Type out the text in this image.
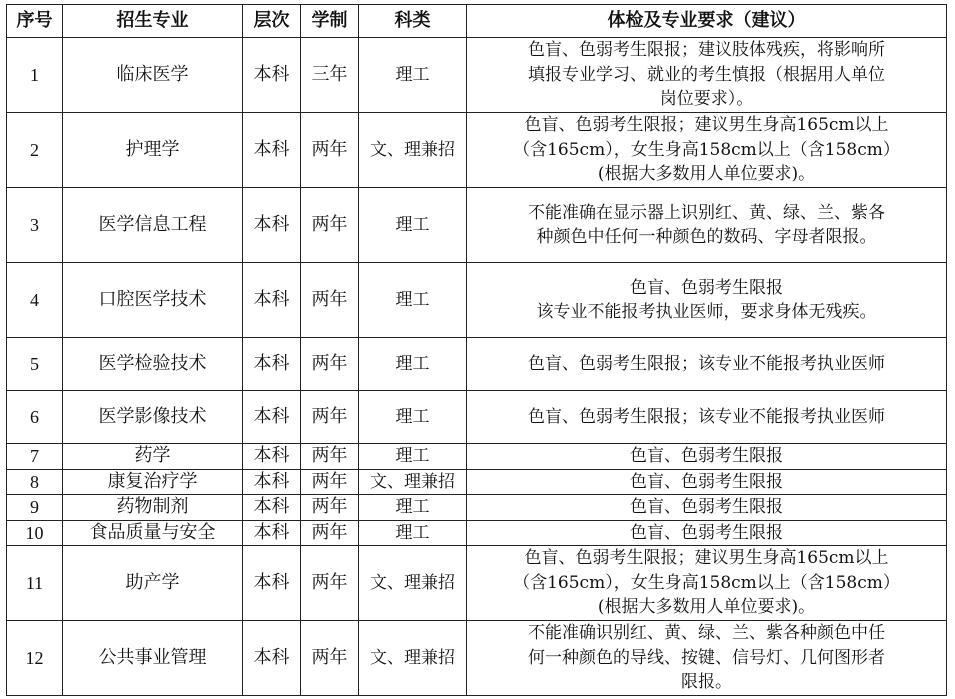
序号	招生专业	层次	学制	科类	体检及专业要求（建议）
1	临床医学	本科	三年	理工	色盲、色弱考生限报；建议肢体残疾，将影响所
填报专业学习、就业的考生慎报（根据用人单位
岗位要求）。

2	护理学	本科	两年	文、理兼招	色盲、色弱考生限报；建议男生身高165cm以上
（含165cm），女生身高158cm以上（含158cm）
(根据大多数用人单位要求)。

3	医学信息工程	本科	两年	理工	不能准确在显示器上识别红、黄、绿、兰、紫各
种颜色中任何一种颜色的数码、字母者限报。

4	口腔医学技术	本科	两年	理工	色盲、色弱考生限报
该专业不能报考执业医师，要求身体无残疾。

5	医学检验技术	本科	两年	理工	色盲、色弱考生限报；该专业不能报考执业医师

6	医学影像技术	本科	两年	理工	色盲、色弱考生限报；该专业不能报考执业医师

7	药学	本科	两年	理工	色盲、色弱考生限报

8	康复治疗学	本科	两年	文、理兼招	色盲、色弱考生限报

9	药物制剂	本科	两年	理工	色盲、色弱考生限报

10	食品质量与安全	本科	两年	理工	色盲、色弱考生限报

11	助产学	本科	两年	文、理兼招	色盲、色弱考生限报；建议男生身高165cm以上
（含165cm），女生身高158cm以上（含158cm）
(根据大多数用人单位要求)。

12	公共事业管理	本科	两年	文、理兼招	不能准确识别红、黄、绿、兰、紫各种颜色中任
何一种颜色的导线、按键、信号灯、几何图形者
限报。
